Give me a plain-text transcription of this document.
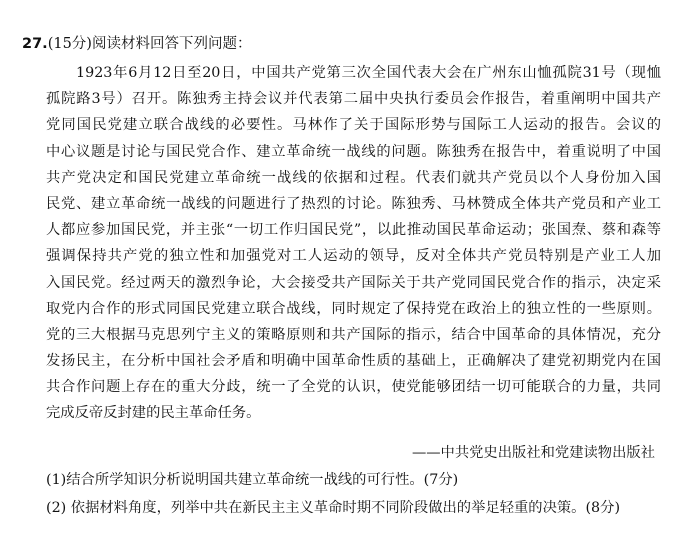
27.(15分)阅读材料回答下列问题：
1923年6月12日至20日，中国共产党第三次全国代表大会在广州东山恤孤院31号（现恤
孤院路3号）召开。陈独秀主持会议并代表第二届中央执行委员会作报告，着重阐明中国共产
党同国民党建立联合战线的必要性。马林作了关于国际形势与国际工人运动的报告。会议的
中心议题是讨论与国民党合作、建立革命统一战线的问题。陈独秀在报告中，着重说明了中国
共产党决定和国民党建立革命统一战线的依据和过程。代表们就共产党员以个人身份加入国
民党、建立革命统一战线的问题进行了热烈的讨论。陈独秀、马林赞成全体共产党员和产业工
人都应参加国民党，并主张“一切工作归国民党”，以此推动国民革命运动；张国焘、蔡和森等
强调保持共产党的独立性和加强党对工人运动的领导，反对全体共产党员特别是产业工人加
入国民党。经过两天的激烈争论，大会接受共产国际关于共产党同国民党合作的指示，决定采
取党内合作的形式同国民党建立联合战线，同时规定了保持党在政治上的独立性的一些原则。
党的三大根据马克思列宁主义的策略原则和共产国际的指示，结合中国革命的具体情况，充分
发扬民主，在分析中国社会矛盾和明确中国革命性质的基础上，正确解决了建党初期党内在国
共合作问题上存在的重大分歧，统一了全党的认识，使党能够团结一切可能联合的力量，共同
完成反帝反封建的民主革命任务。
——中共党史出版社和党建读物出版社
(1)结合所学知识分析说明国共建立革命统一战线的可行性。(7分)
(2) 依据材料角度，列举中共在新民主主义革命时期不同阶段做出的举足轻重的决策。(8分)
